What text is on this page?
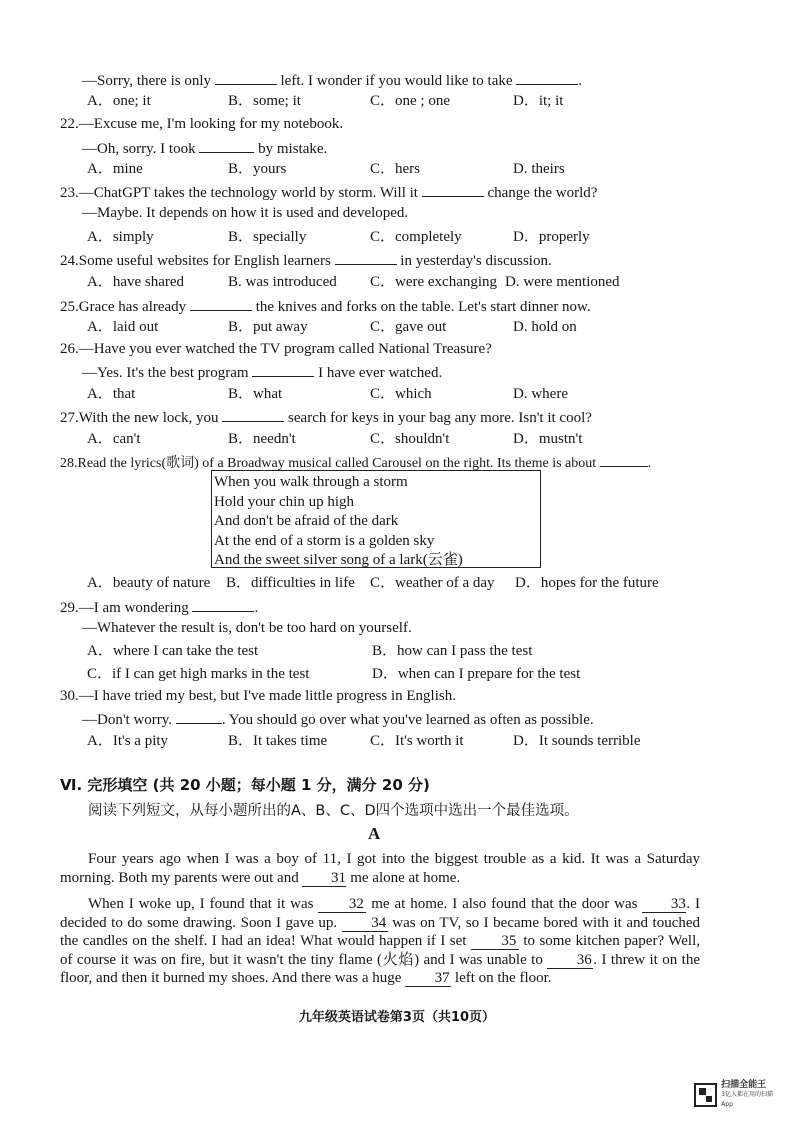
—Sorry, there is only	left. I wonder if you would like to take	.
A．one; it	B．some; it	C．one ; one	D．it; it
22.—Excuse me, I'm looking for my notebook.
—Oh, sorry. I took	by mistake.
A．mine	B．yours	C．hers	D. theirs
23.—ChatGPT takes the technology world by storm. Will it	change the world?
—Maybe. It depends on how it is used and developed.
A．simply	B．specially	C．completely	D．properly
24.Some useful websites for English learners	in yesterday's discussion.
A．have shared	B. was introduced C．were exchanging D. were mentioned
25.Grace has already	the knives and forks on the table. Let's start dinner now.
A．laid out	B．put away	C．gave out	D. hold on
26.—Have you ever watched the TV program called National Treasure?
—Yes. It's the best program	I have ever watched.
A．that	B．what	C．which	D. where
27.With the new lock, you	search for keys in your bag any more. Isn't it cool?
A．can't	B．needn't	C．shouldn't	D．mustn't
28.Read the lyrics(歌词) of a Broadway musical called Carousel on the right. Its theme is about	.
When you walk through a storm
Hold your chin up high
And don't be afraid of the dark
At the end of a storm is a golden sky
And the sweet silver song of a lark(云雀)
A．beauty of nature B．difficulties in life C．weather of a day D．hopes for the future
29.—I am wondering	.
—Whatever the result is, don't be too hard on yourself.
A．where I can take the test	B．how can I pass the test
C．if I can get high marks in the test	D．when can I prepare for the test
30.—I have tried my best, but I've made little progress in English.
—Don't worry.	. You should go over what you've learned as often as possible.
A．It's a pity	B．It takes time	C．It's worth it	D．It sounds terrible
Ⅵ. 完形填空 (共 20 小题；每小题 1 分，满分 20 分)
阅读下列短文，从每小题所出的A、B、C、D四个选项中选出一个最佳选项。
A
Four years ago when I was a boy of 11, I got into the biggest trouble as a kid. It was a Saturday morning. Both my parents were out and 31 me alone at home.
When I woke up, I found that it was 32 me at home. I also found that the door was 33. I decided to do some drawing. Soon I gave up. 34 was on TV, so I became bored with it and touched the candles on the shelf. I had an idea! What would happen if I set 35 to some kitchen paper? Well, of course it was on fire, but it wasn't the tiny flame (火焰) and I was unable to 36 . I threw it on the floor, and then it burned my shoes. And there was a huge 37 left on the floor.
九年级英语试卷第3页（共10页）
扫描全能王
3亿人都在用的扫描App
